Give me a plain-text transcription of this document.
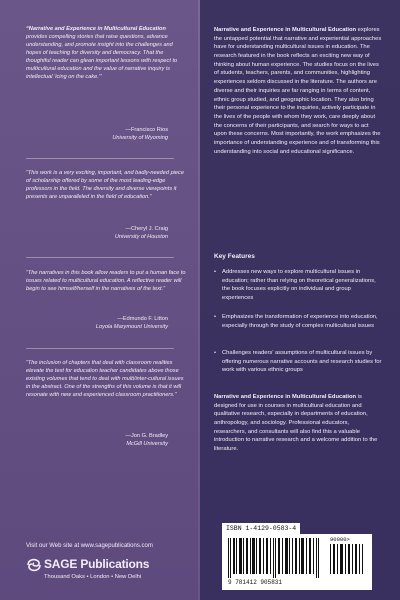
“Narrative and Experience in Multicultural Education provides compelling stories that raise questions, advance understanding, and promote insight into the challenges and hopes of teaching for diversity and democracy. That the thoughtful reader can glean important lessons with respect to multicultural education and the value of narrative inquiry is intellectual ‘icing on the cake.’”
—Francisco Rios
University of Wyoming
“This work is a very exciting, important, and badly-needed piece of scholarship offered by some of the most leading-edge professors in the field. The diversity and diverse viewpoints it presents are unparalleled in the field of education.”
—Cheryl J. Craig
University of Houston
“The narratives in this book allow readers to put a human face to issues related to multicultural education. A reflective reader will begin to see himself/herself in the narratives of the text.”
—Edmundo F. Litton
Loyola Marymount University
“The inclusion of chapters that deal with classroom realities elevate the text for education teacher candidates above those existing volumes that tend to deal with multi/inter-cultural issues in the abstract. One of the strengths of this volume is that it will resonate with new and experienced classroom practitioners.”
—Jon G. Bradley
McGill University
Narrative and Experience in Multicultural Education explores the untapped potential that narrative and experiential approaches have for understanding multicultural issues in education. The research featured in the book reflects an exciting new way of thinking about human experience. The studies focus on the lives of students, teachers, parents, and communities, highlighting experiences seldom discussed in the literature. The authors are diverse and their inquiries are far ranging in terms of content, ethnic group studied, and geographic location. They also bring their personal experience to the inquiries, actively participate in the lives of the people with whom they work, care deeply about the concerns of their participants, and search for ways to act upon these concerns. Most importantly, the work emphasizes the importance of understanding experience and of transforming this understanding into social and educational significance.
Key Features
• Addresses new ways to explore multicultural issues in education; rather than relying on theoretical generalizations, the book focuses explicitly on individual and group experiences
• Emphasizes the transformation of experience into education, especially through the study of complex multicultural issues
• Challenges readers’ assumptions of multicultural issues by offering numerous narrative accounts and research studies for work with various ethnic groups
Narrative and Experience in Multicultural Education is designed for use in courses in multicultural education and qualitative research, especially in departments of education, anthropology, and sociology. Professional educators, researchers, and consultants will also find this a valuable introduction to narrative research and a welcome addition to the literature.
Visit our Web site at www.sagepublications.com
SAGE Publications
Thousand Oaks • London • New Delhi
ISBN 1-4129-0583-4
90000>
9 781412 905831
